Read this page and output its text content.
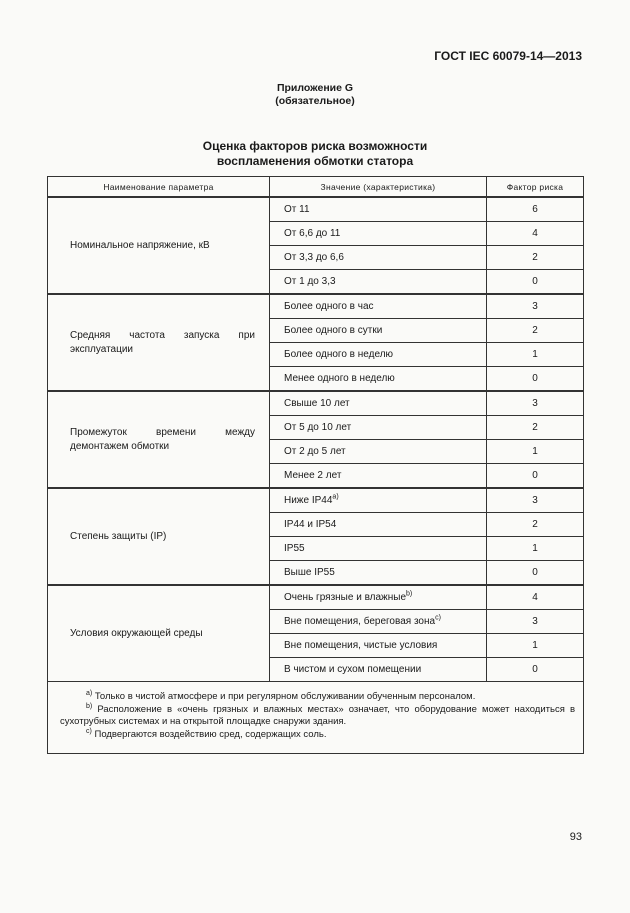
ГОСТ IEC 60079-14—2013
Приложение G
(обязательное)
Оценка факторов риска возможности
воспламенения обмотки статора
Наименование параметра	Значение (характеристика)	Фактор риска
Номинальное напряжение, кВ	От 11	6
	От 6,6 до 11	4
	От 3,3 до 6,6	2
	От 1 до 3,3	0
Средняя частота запуска при эксплуатации	Более одного в час	3
	Более одного в сутки	2
	Более одного в неделю	1
	Менее одного в неделю	0
Промежуток времени между демонтажем обмотки	Свыше 10 лет	3
	От 5 до 10 лет	2
	От 2 до 5 лет	1
	Менее 2 лет	0
Степень защиты (IP)	Ниже IP44$^{a)}$	3
	IP44 и IP54	2
	IP55	1
	Выше IP55	0
Условия окружающей среды	Очень грязные и влажные$^{b)}$	4
	Вне помещения, береговая зона$^{c)}$	3
	Вне помещения, чистые условия	1
	В чистом и сухом помещении	0

$^{a)}$ Только в чистой атмосфере и при регулярном обслуживании обученным персоналом.

$^{b)}$ Расположение в «очень грязных и влажных местах» означает, что оборудование может находиться в сухотрубных системах и на открытой площадке снаружи здания.

$^{c)}$ Подвергаются воздействию сред, содержащих соль.		

93
